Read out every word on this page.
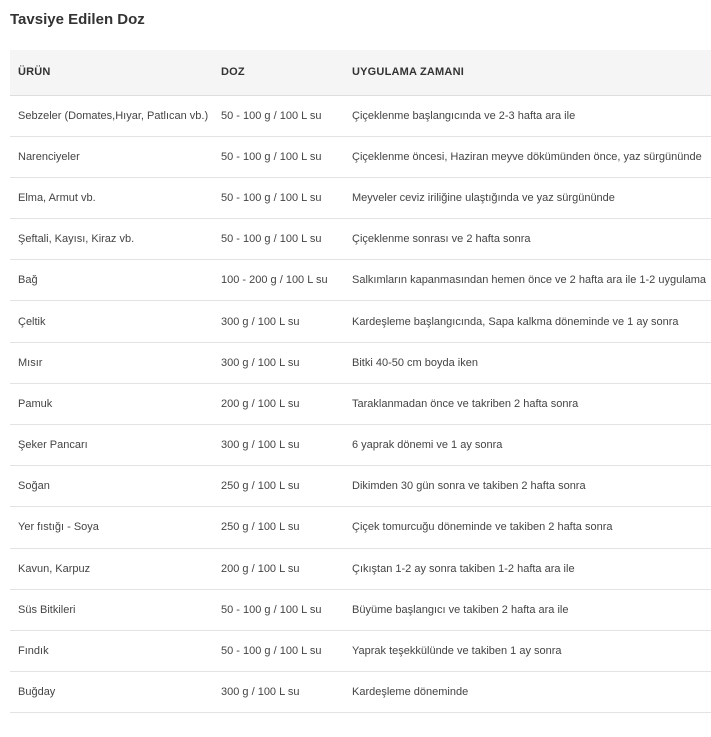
Tavsiye Edilen Doz
ÜRÜN	DOZ	UYGULAMA ZAMANI
Sebzeler (Domates,Hıyar, Patlıcan vb.)	50 - 100 g / 100 L su	Çiçeklenme başlangıcında ve 2-3 hafta ara ile
Narenciyeler	50 - 100 g / 100 L su	Çiçeklenme öncesi, Haziran meyve dökümünden önce, yaz sürgününde
Elma, Armut vb.	50 - 100 g / 100 L su	Meyveler ceviz iriliğine ulaştığında ve yaz sürgününde
Şeftali, Kayısı, Kiraz vb.	50 - 100 g / 100 L su	Çiçeklenme sonrası ve 2 hafta sonra
Bağ	100 - 200 g / 100 L su	Salkımların kapanmasından hemen önce ve 2 hafta ara ile 1-2 uygulama
Çeltik	300 g / 100 L su	Kardeşleme başlangıcında, Sapa kalkma döneminde ve 1 ay sonra
Mısır	300 g / 100 L su	Bitki 40-50 cm boyda iken
Pamuk	200 g / 100 L su	Taraklanmadan önce ve takriben 2 hafta sonra
Şeker Pancarı	300 g / 100 L su	6 yaprak dönemi ve 1 ay sonra
Soğan	250 g / 100 L su	Dikimden 30 gün sonra ve takiben 2 hafta sonra
Yer fıstığı - Soya	250 g / 100 L su	Çiçek tomurcuğu döneminde ve takiben 2 hafta sonra
Kavun, Karpuz	200 g / 100 L su	Çıkıştan 1-2 ay sonra takiben 1-2 hafta ara ile
Süs Bitkileri	50 - 100 g / 100 L su	Büyüme başlangıcı ve takiben 2 hafta ara ile
Fındık	50 - 100 g / 100 L su	Yaprak teşekkülünde ve takiben 1 ay sonra
Buğday	300 g / 100 L su	Kardeşleme döneminde
